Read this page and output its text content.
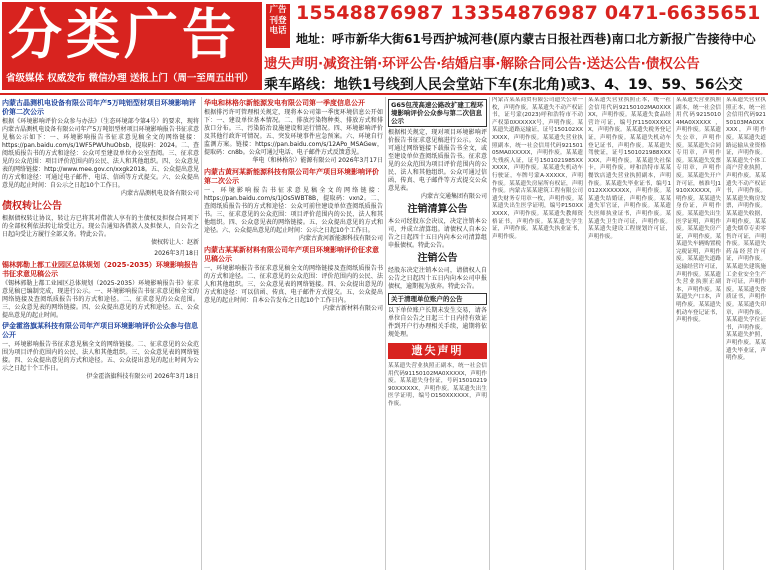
分类广告
省级媒体 权威发布 微信办理 送报上门（周一至周五出刊）
广告刊登电话
15548876987 13354876987 0471-6635651
地址：呼市新华大街61号西护城河巷(原内蒙古日报社西巷)南口北方新报广告接待中心
遗失声明·减资注销·环评公告·结婚启事·解除合同公告·送达公告·债权公告
乘车路线：地铁1号线到人民会堂站下车(东北角)或3、4、19、59、56公交
内蒙古晶测机电设备有限公司年产5万吨铝型材项目环境影响评价第二次公示
根据《环境影响评价公众参与办法》（生态环境部令第4号）的要求，现将内蒙古晶测机电设备有限公司年产5万吨铝型材项目环境影响报告书征求意见稿公示如下：一、环境影响报告书征求意见稿全文的网络链接：https://pan.baidu.com/s/1WF5PWUhuObsb，提取码：2024。二、查阅纸质报告书的方式和途径：公众可至建设单位办公室查阅。三、征求意见的公众范围：项目评价范围内的公民、法人和其他组织。四、公众意见表的网络链接：http://www.mee.gov.cn/xxgk2018。五、公众提出意见的方式和途径：可通过电子邮件、电话、信函等方式提交。六、公众提出意见的起止时间：自公示之日起10个工作日。
内蒙古晶测机电设备有限公司
债权转让公告
根据债权转让协议，转让方已将其对借款人享有的主债权及担保合同项下的全部权利依法转让给受让方。现公告通知各借款人及担保人，自公告之日起向受让方履行全部义务。特此公告。
债权转让人：赵新
2026年3月18日
锡林郭勒上都工业园区总体规划（2025-2035）环境影响报告书征求意见稿公示
《锡林郭勒上都工业园区总体规划（2025-2035）环境影响报告书》征求意见稿已编制完成，现进行公示。一、环境影响报告书征求意见稿全文的网络链接及查阅纸质报告书的方式和途径。二、征求意见的公众范围。三、公众意见表的网络链接。四、公众提出意见的方式和途径。五、公众提出意见的起止时间。
伊金霍洛旗某科技有限公司年产项目环境影响评价公众参与信息公开
一、环境影响报告书征求意见稿全文的网络链接。二、征求意见的公众范围为项目评价范围内的公民、法人和其他组织。三、公众意见表的网络链接。四、公众提出意见的方式和途径。五、公众提出意见的起止时间为公示之日起十个工作日。
伊金霍洛旗科技有限公司 2026年3月18日
华电和林格尔新能源发电有限公司第一季度信息公开
根据排污许可管理相关规定，现将本公司第一季度环境信息公开如下：一、建设单位基本情况。二、排放污染物种类、排放方式和排放口分布。三、污染防治设施建设和运行情况。四、环境影响评价及其他行政许可情况。五、突发环境事件应急预案。六、环境自行监测方案。链接：https://pan.baidu.com/s/12APo_MSAGew，提取码：cn8b。公众可通过电话、电子邮件方式反馈意见。
华电（和林格尔）能源有限公司 2026年3月17日
内蒙古黄河某新能源科技有限公司年产项目环境影响评价第二次公示
一、环境影响报告书征求意见稿全文的网络链接：https://pan.baidu.com/s/1jOs5WBT8B，提取码：vxn2。二、查阅纸质报告书的方式和途径：公众可前往建设单位查阅纸质报告书。三、征求意见的公众范围：项目评价范围内的公民、法人和其他组织。四、公众意见表的网络链接。五、公众提出意见的方式和途径。六、公众提出意见的起止时间：公示之日起10个工作日。
内蒙古黄河新能源科技有限公司
内蒙古某某新材料有限公司年产项目环境影响评价征求意见稿公示
一、环境影响报告书征求意见稿全文的网络链接及查阅纸质报告书的方式和途径。二、征求意见的公众范围：评价范围内的公民、法人和其他组织。三、公众意见表的网络链接。四、公众提出意见的方式和途径：可以信函、传真、电子邮件方式提交。五、公众提出意见的起止时间：自本公告发布之日起10个工作日内。
内蒙古新材料有限公司
G65包茂高速公路改扩建工程环境影响评价公众参与第二次信息公示
根据相关规定，现对项目环境影响评价报告书征求意见稿进行公示。公众可通过网络链接下载报告书全文，或至建设单位查阅纸质报告书。征求意见的公众范围为项目评价范围内的公民、法人和其他组织。公众可通过信函、传真、电子邮件等方式提交公众意见表。
内蒙古交通集团有限公司
注销清算公告
本公司经股东会决议，决定注销本公司，并成立清算组。请债权人自本公告之日起四十五日内向本公司清算组申报债权。特此公告。
注销公告
经股东决定注销本公司，请债权人自公告之日起四十五日内向本公司申报债权，逾期视为放弃。特此公告。
关于清理单位账户的公告
以下单位账户长期未发生交易，请各单位自公告之日起三十日内持有效证件到开户行办理相关手续，逾期将依规处理。
遗失声明
某某遗失营业执照正副本，统一社会信用代码91150102MA0XXXXX，声明作废。某某遗失身份证，号码1501021990XXXXXX，声明作废。某某遗失出生医学证明，编号O150XXXXXX，声明作废。
内蒙古某某商贸有限公司遗失公章一枚，声明作废。某某遗失不动产权证书，证号蒙(2023)呼和浩特市不动产权第0XXXXXX号，声明作废。某某遗失道路运输证，证号150102XXXXXX，声明作废。某某遗失营业执照副本，统一社会信用代码92150105MA0XXXXX，声明作废。某某遗失残疾人证，证号1501021985XXXXXX，声明作废。某某遗失机动车行驶证，车牌号蒙A·XXXXX，声明作废。某某遗失房屋所有权证，声明作废。内蒙古某某建筑工程有限公司遗失财务专用章一枚，声明作废。某某遗失出生医学证明，编号P150XXXXXX，声明作废。某某遗失教师资格证书，声明作废。某某遗失学生证，声明作废。某某遗失执业证书，声明作废。
某某遗失营业执照正本，统一社会信用代码92150102MA0XXXXX，声明作废。某某遗失食品经营许可证，编号JY1150XXXXXX，声明作废。某某遗失税务登记证，声明作废。某某遗失机动车登记证书，声明作废。某某遗失驾驶证，证号1501021988XXXXXX，声明作废。某某遗失社保卡，声明作废。呼和浩特市某某餐饮店遗失营业执照副本，声明作废。某某遗失毕业证书，编号1012XXXXXXXX，声明作废。某某遗失结婚证，声明作废。某某遗失军官证，声明作废。某某遗失医师执业证书，声明作废。某某遗失卫生许可证，声明作废。某某遗失建设工程规划许可证，声明作废。
某某遗失营业执照副本，统一社会信用代码92150104MA0XXXXX，声明作废。某某遗失公章，声明作废。某某遗失合同专用章，声明作废。某某遗失发票专用章，声明作废。某某遗失开户许可证，核准号J1910XXXXXX，声明作废。某某遗失身份证，声明作废。某某遗失出生医学证明，声明作废。某某遗失房产证，声明作废。某某遗失车辆购置税完税证明，声明作废。某某遗失道路运输经营许可证，声明作废。某某遗失营业执照正副本，声明作废。某某遗失户口本，声明作废。某某遗失机动车登记证书，声明作废。
某某遗失营业执照正本，统一社会信用代码92150103MA0XXXXX，声明作废。某某遗失道路运输从业资格证，声明作废。某某遗失个体工商户营业执照，声明作废。某某遗失不动产权证书，声明作废。某某遗失购房发票，声明作废。某某遗失收据，声明作废。某某遗失烟草专卖零售许可证，声明作废。某某遗失药品经营许可证，声明作废。某某遗失建筑施工企业安全生产许可证，声明作废。某某遗失资质证书，声明作废。某某遗失印章，声明作废。某某遗失学位证书，声明作废。某某遗失护照，声明作废。某某遗失毕业证，声明作废。
